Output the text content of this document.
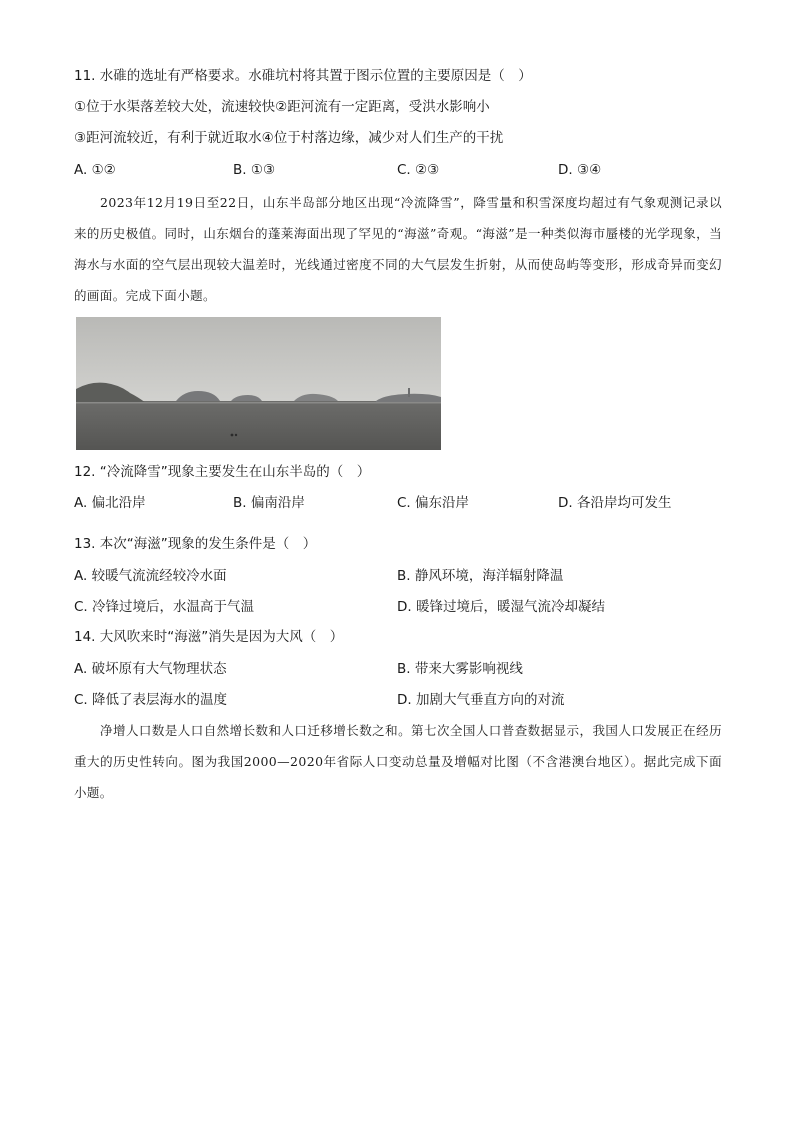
11. 水碓的选址有严格要求。水碓坑村将其置于图示位置的主要原因是（　）
①位于水渠落差较大处，流速较快②距河流有一定距离，受洪水影响小
③距河流较近，有利于就近取水④位于村落边缘，减少对人们生产的干扰
A. ①②	B. ①③	C. ②③	D. ③④
2023年12月19日至22日，山东半岛部分地区出现“冷流降雪”，降雪量和积雪深度均超过有气象观测记录以来的历史极值。同时，山东烟台的蓬莱海面出现了罕见的“海滋”奇观。“海滋”是一种类似海市蜃楼的光学现象，当海水与水面的空气层出现较大温差时，光线通过密度不同的大气层发生折射，从而使岛屿等变形，形成奇异而变幻的画面。完成下面小题。
12. “冷流降雪”现象主要发生在山东半岛的（　）
A. 偏北沿岸	B. 偏南沿岸	C. 偏东沿岸	D. 各沿岸均可发生
13. 本次“海滋”现象的发生条件是（　）
A. 较暖气流流经较冷水面	B. 静风环境，海洋辐射降温
C. 冷锋过境后，水温高于气温	D. 暖锋过境后，暖湿气流冷却凝结
14. 大风吹来时“海滋”消失是因为大风（　）
A. 破坏原有大气物理状态	B. 带来大雾影响视线
C. 降低了表层海水的温度	D. 加剧大气垂直方向的对流
净增人口数是人口自然增长数和人口迁移增长数之和。第七次全国人口普查数据显示，我国人口发展正在经历重大的历史性转向。图为我国2000—2020年省际人口变动总量及增幅对比图（不含港澳台地区）。据此完成下面小题。
